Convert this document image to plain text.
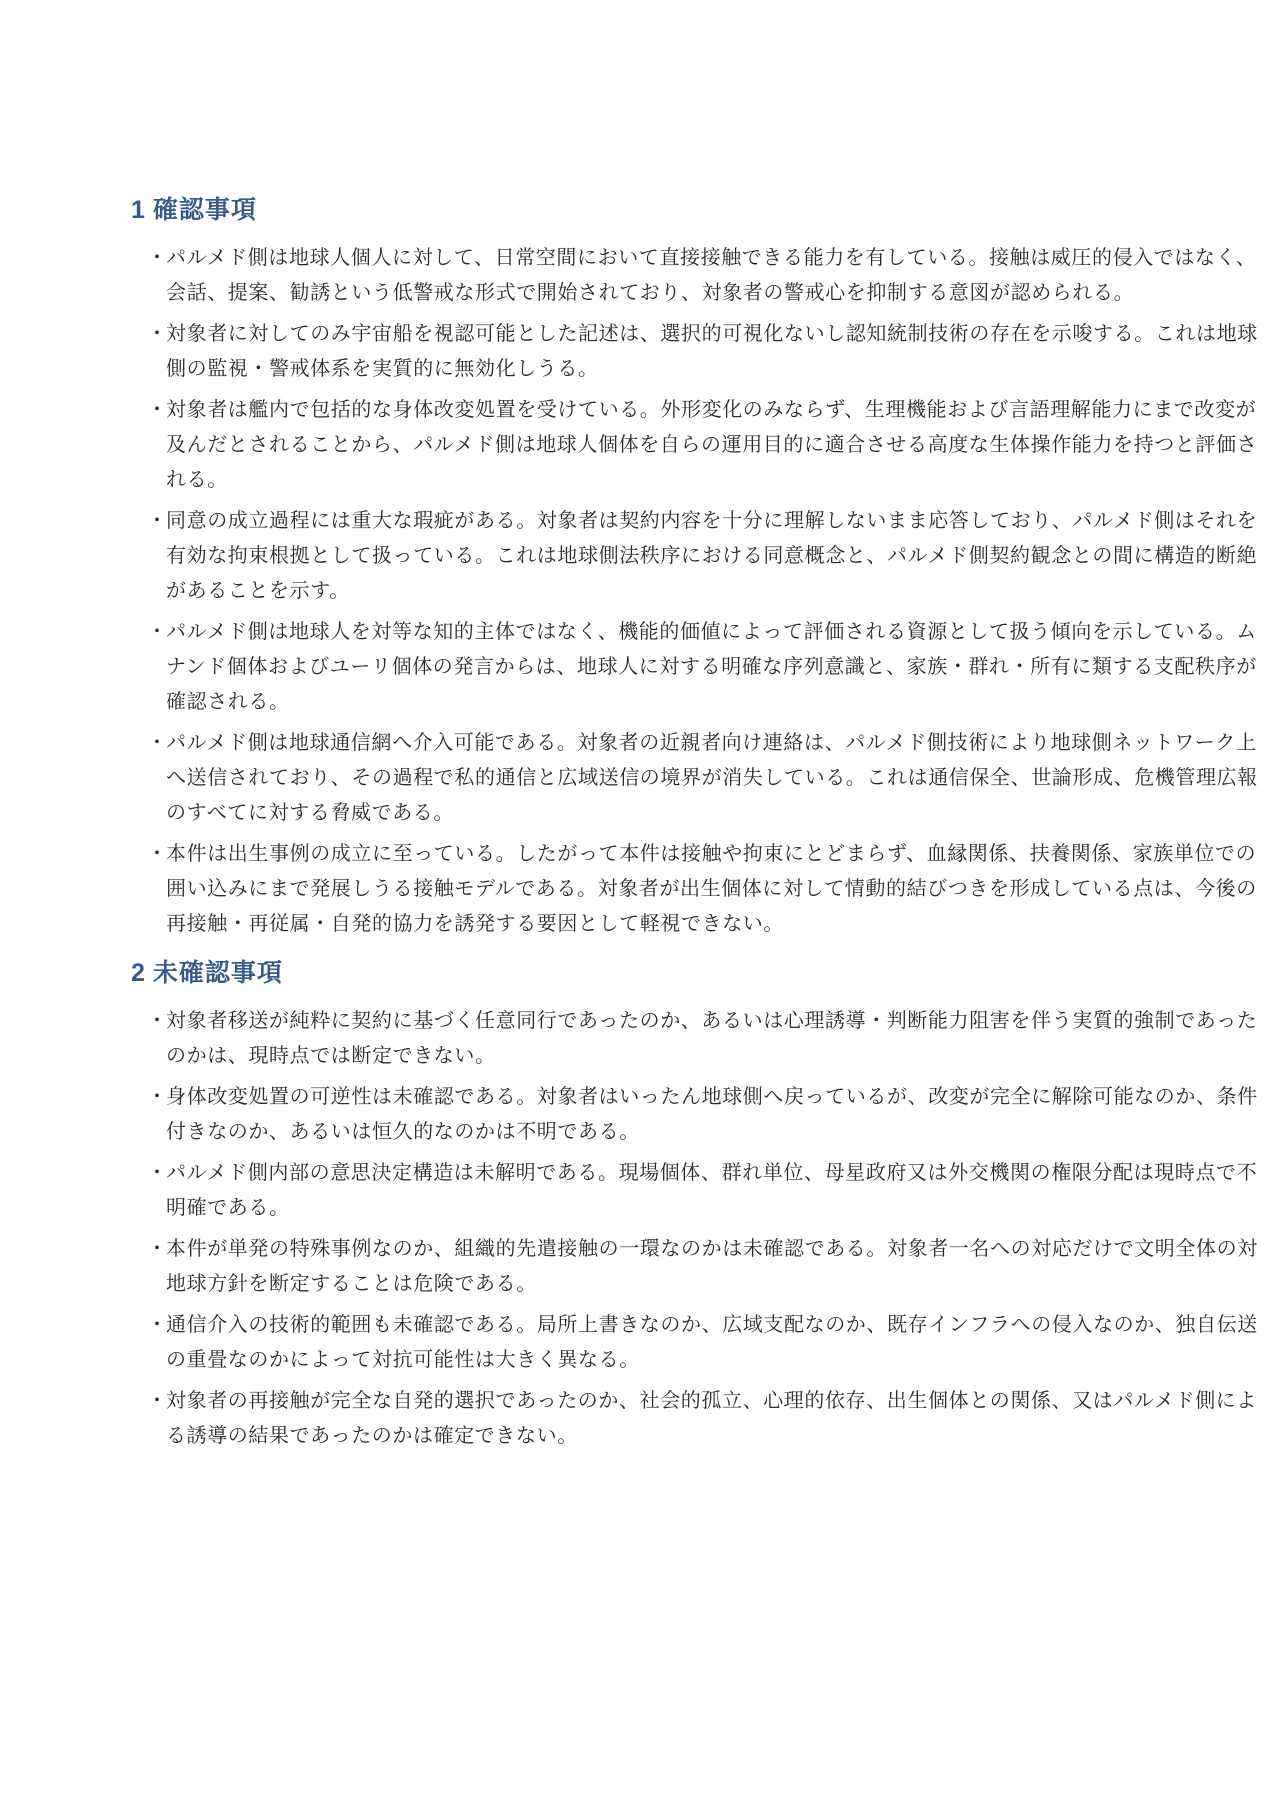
1 確認事項
・
パルメド側は地球人個人に対して、日常空間において直接接触できる能力を有している。接触は威圧的侵入ではなく、会話、提案、勧誘という低警戒な形式で開始されており、対象者の警戒心を抑制する意図が認められる。
・
対象者に対してのみ宇宙船を視認可能とした記述は、選択的可視化ないし認知統制技術の存在を示唆する。これは地球側の監視・警戒体系を実質的に無効化しうる。
・
対象者は艦内で包括的な身体改変処置を受けている。外形変化のみならず、生理機能および言語理解能力にまで改変が及んだとされることから、パルメド側は地球人個体を自らの運用目的に適合させる高度な生体操作能力を持つと評価される。
・
同意の成立過程には重大な瑕疵がある。対象者は契約内容を十分に理解しないまま応答しており、パルメド側はそれを有効な拘束根拠として扱っている。これは地球側法秩序における同意概念と、パルメド側契約観念との間に構造的断絶があることを示す。
・
パルメド側は地球人を対等な知的主体ではなく、機能的価値によって評価される資源として扱う傾向を示している。ムナンド個体およびユーリ個体の発言からは、地球人に対する明確な序列意識と、家族・群れ・所有に類する支配秩序が確認される。
・
パルメド側は地球通信網へ介入可能である。対象者の近親者向け連絡は、パルメド側技術により地球側ネットワーク上へ送信されており、その過程で私的通信と広域送信の境界が消失している。これは通信保全、世論形成、危機管理広報のすべてに対する脅威である。
・
本件は出生事例の成立に至っている。したがって本件は接触や拘束にとどまらず、血縁関係、扶養関係、家族単位での囲い込みにまで発展しうる接触モデルである。対象者が出生個体に対して情動的結びつきを形成している点は、今後の再接触・再従属・自発的協力を誘発する要因として軽視できない。
2 未確認事項
・
対象者移送が純粋に契約に基づく任意同行であったのか、あるいは心理誘導・判断能力阻害を伴う実質的強制であったのかは、現時点では断定できない。
・
身体改変処置の可逆性は未確認である。対象者はいったん地球側へ戻っているが、改変が完全に解除可能なのか、条件付きなのか、あるいは恒久的なのかは不明である。
・
パルメド側内部の意思決定構造は未解明である。現場個体、群れ単位、母星政府又は外交機関の権限分配は現時点で不明確である。
・
本件が単発の特殊事例なのか、組織的先遣接触の一環なのかは未確認である。対象者一名への対応だけで文明全体の対地球方針を断定することは危険である。
・
通信介入の技術的範囲も未確認である。局所上書きなのか、広域支配なのか、既存インフラへの侵入なのか、独自伝送の重畳なのかによって対抗可能性は大きく異なる。
・
対象者の再接触が完全な自発的選択であったのか、社会的孤立、心理的依存、出生個体との関係、又はパルメド側による誘導の結果であったのかは確定できない。
